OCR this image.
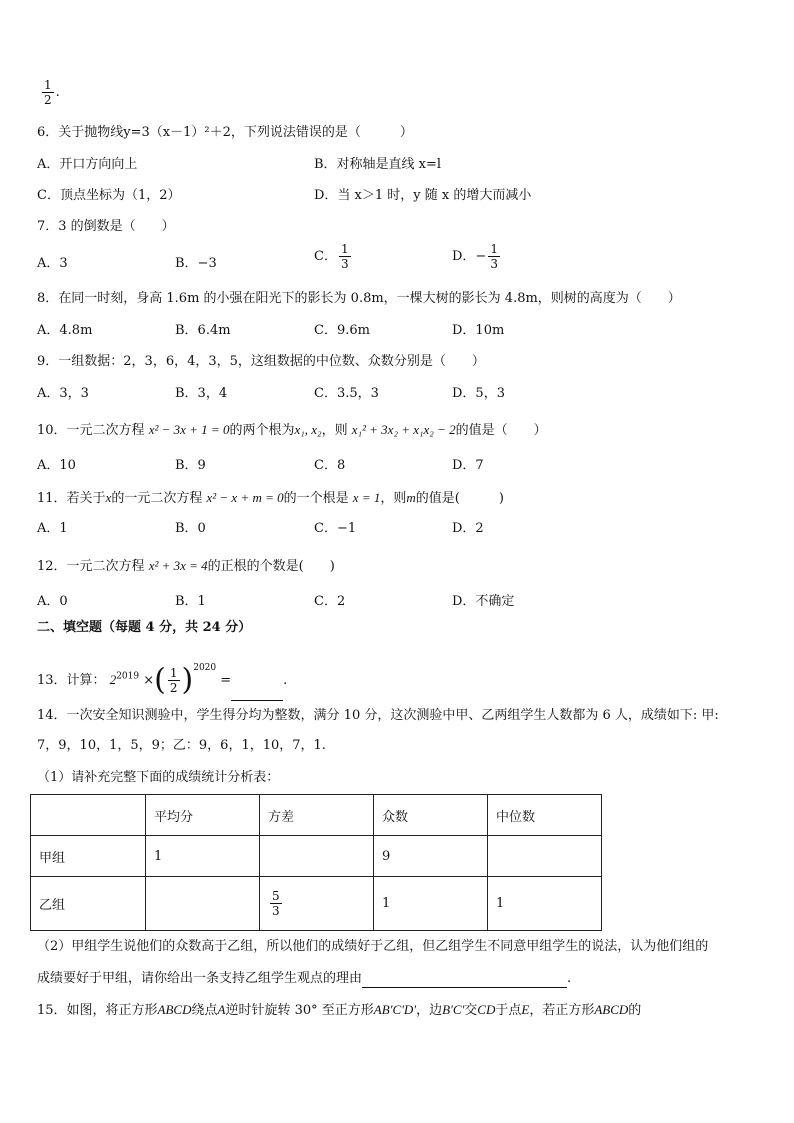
$\frac{1}{2}$ .
6．关于抛物线y=3（x－1）²＋2，下列说法错误的是（　　　）
A．开口方向向上	B．对称轴是直线 x=l
C．顶点坐标为（1，2）	D．当 x＞1 时，y 随 x 的增大而减小
7．3 的倒数是（　　）
A．3	B．−3	C． $\frac{1}{3}$	D．− $\frac{1}{3}$
8．在同一时刻，身高 1.6m 的小强在阳光下的影长为 0.8m，一棵大树的影长为 4.8m，则树的高度为（　　）
A．4.8m	B．6.4m	C．9.6m	D．10m
9．一组数据：2，3，6，4，3，5，这组数据的中位数、众数分别是（　　）
A．3，3	B．3，4	C．3.5，3	D．5，3
10．一元二次方程 x² − 3x + 1 = 0的两个根为x₁, x₂，则 x₁² + 3x₂ + x₁x₂ − 2的值是（　　）
A．10	B．9	C．8	D．7
11．若关于x的一元二次方程 x² − x + m = 0的一个根是 x = 1，则m的值是(　　　)
A．1	B．0	C．−1	D．2
12．一元二次方程 x² + 3x = 4的正根的个数是(　　)
A．0	B．1	C．2	D．不确定
二、填空题（每题 4 分，共 24 分）
13．计算： $2^{2019}$ ×( $\frac{1}{2} )^{2020}$ =	.
14．一次安全知识测验中，学生得分均为整数，满分 10 分，这次测验中甲、乙两组学生人数都为 6 人，成绩如下: 甲:
7，9，10，1，5，9；乙：9，6，1，10，7，1.
（1）请补充完整下面的成绩统计分析表：
	平均分	方差	众数	中位数
甲组	1		9	
乙组		$\frac{5}{3}$	1	1
（2）甲组学生说他们的众数高于乙组，所以他们的成绩好于乙组，但乙组学生不同意甲组学生的说法，认为他们组的
成绩要好于甲组，请你给出一条支持乙组学生观点的理由	.
15．如图，将正方形ABCD绕点A逆时针旋转 30° 至正方形AB'C'D'，边B'C'交CD于点E，若正方形ABCD的
